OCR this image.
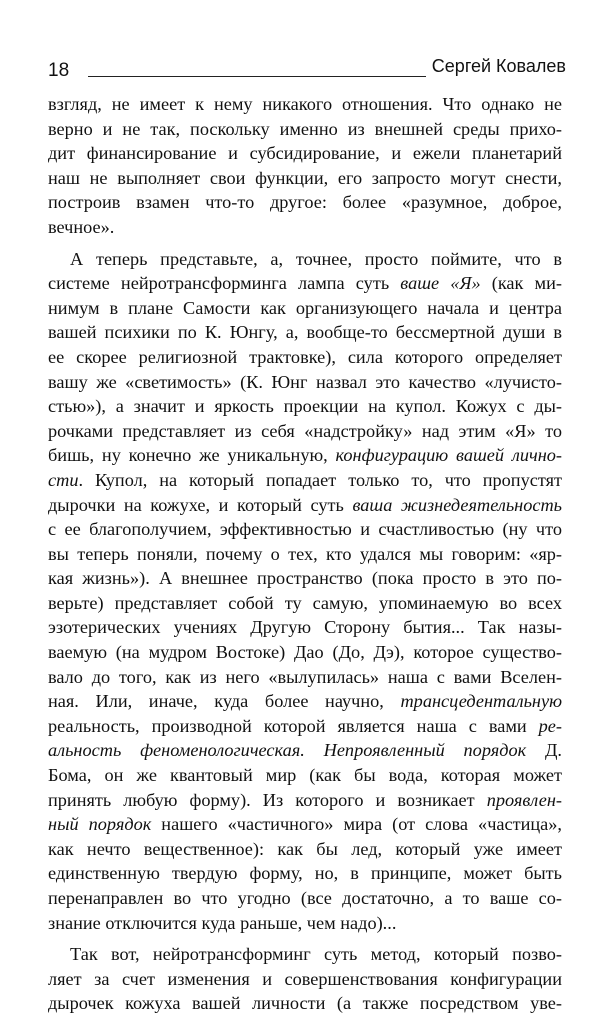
18	Сергей Ковалев
взгляд, не имеет к нему никакого отношения. Что однако не
верно и не так, поскольку именно из внешней среды прихо-
дит финансирование и субсидирование, и ежели планетарий
наш не выполняет свои функции, его запросто могут снести,
построив взамен что-то другое: более «разумное, доброе,
вечное».
А теперь представьте, а, точнее, просто поймите, что в
системе нейротрансформинга лампа суть ваше «Я» (как ми-
нимум в плане Самости как организующего начала и центра
вашей психики по К. Юнгу, а, вообще-то бессмертной души в
ее скорее религиозной трактовке), сила которого определяет
вашу же «светимость» (К. Юнг назвал это качество «лучисто-
стью»), а значит и яркость проекции на купол. Кожух с ды-
рочками представляет из себя «надстройку» над этим «Я» то
бишь, ну конечно же уникальную, конфигурацию вашей лично-
сти. Купол, на который попадает только то, что пропустят
дырочки на кожухе, и который суть ваша жизнедеятельность
с ее благополучием, эффективностью и счастливостью (ну что
вы теперь поняли, почему о тех, кто удался мы говорим: «яр-
кая жизнь»). А внешнее пространство (пока просто в это по-
верьте) представляет собой ту самую, упоминаемую во всех
эзотерических учениях Другую Сторону бытия... Так назы-
ваемую (на мудром Востоке) Дао (До, Дэ), которое существо-
вало до того, как из него «вылупилась» наша с вами Вселен-
ная. Или, иначе, куда более научно, трансцедентальную
реальность, производной которой является наша с вами ре-
альность феноменологическая. Непроявленный порядок Д.
Бома, он же квантовый мир (как бы вода, которая может
принять любую форму). Из которого и возникает проявлен-
ный порядок нашего «частичного» мира (от слова «частица»,
как нечто вещественное): как бы лед, который уже имеет
единственную твердую форму, но, в принципе, может быть
перенаправлен во что угодно (все достаточно, а то ваше со-
знание отключится куда раньше, чем надо)...
Так вот, нейротрансформинг суть метод, который позво-
ляет за счет изменения и совершенствования конфигурации
дырочек кожуха вашей личности (а также посредством уве-
